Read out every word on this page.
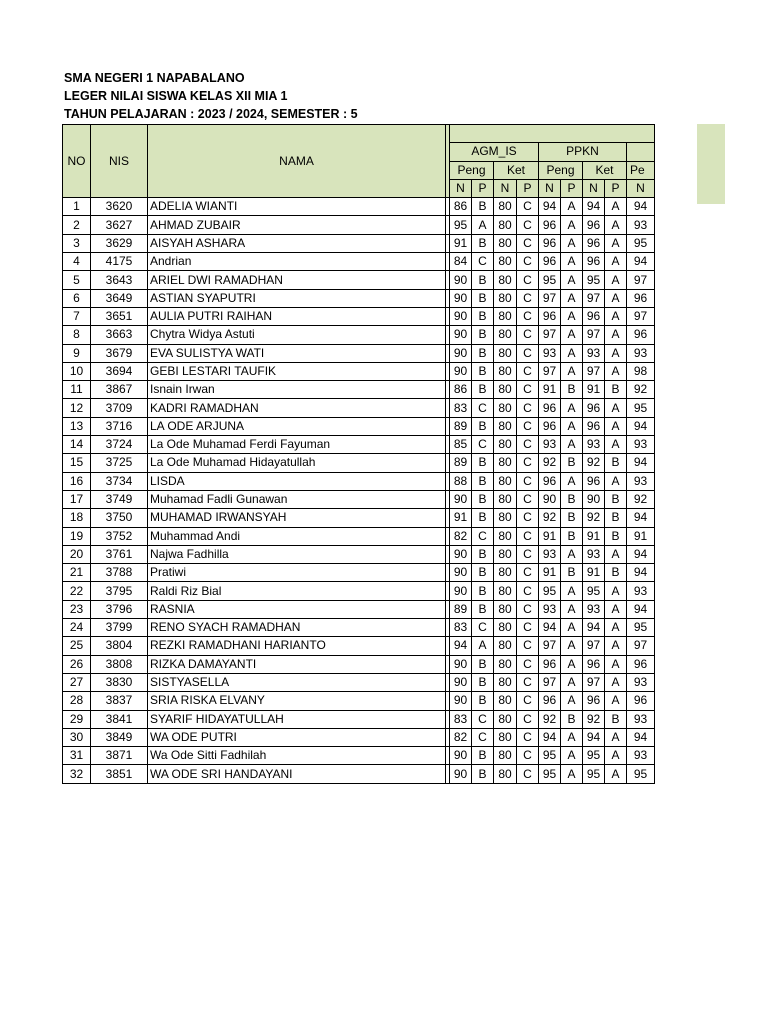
SMA NEGERI 1 NAPABALANO
LEGER NILAI SISWA KELAS XII MIA 1
TAHUN PELAJARAN : 2023 / 2024, SEMESTER : 5
NO	NIS	NAMA										
				AGM_IS				PPKN				
				Peng		Ket		Peng		Ket		Pe
				N	P	N	P	N	P	N	P	N
1	3620	ADELIA WIANTI		86	B	80	C	94	A	94	A	94
2	3627	AHMAD ZUBAIR		95	A	80	C	96	A	96	A	93
3	3629	AISYAH ASHARA		91	B	80	C	96	A	96	A	95
4	4175	Andrian		84	C	80	C	96	A	96	A	94
5	3643	ARIEL DWI RAMADHAN		90	B	80	C	95	A	95	A	97
6	3649	ASTIAN SYAPUTRI		90	B	80	C	97	A	97	A	96
7	3651	AULIA PUTRI RAIHAN		90	B	80	C	96	A	96	A	97
8	3663	Chytra Widya Astuti		90	B	80	C	97	A	97	A	96
9	3679	EVA SULISTYA WATI		90	B	80	C	93	A	93	A	93
10	3694	GEBI LESTARI TAUFIK		90	B	80	C	97	A	97	A	98
11	3867	Isnain Irwan		86	B	80	C	91	B	91	B	92
12	3709	KADRI RAMADHAN		83	C	80	C	96	A	96	A	95
13	3716	LA ODE ARJUNA		89	B	80	C	96	A	96	A	94
14	3724	La Ode Muhamad Ferdi Fayuman		85	C	80	C	93	A	93	A	93
15	3725	La Ode Muhamad Hidayatullah		89	B	80	C	92	B	92	B	94
16	3734	LISDA		88	B	80	C	96	A	96	A	93
17	3749	Muhamad Fadli Gunawan		90	B	80	C	90	B	90	B	92
18	3750	MUHAMAD IRWANSYAH		91	B	80	C	92	B	92	B	94
19	3752	Muhammad Andi		82	C	80	C	91	B	91	B	91
20	3761	Najwa Fadhilla		90	B	80	C	93	A	93	A	94
21	3788	Pratiwi		90	B	80	C	91	B	91	B	94
22	3795	Raldi Riz Bial		90	B	80	C	95	A	95	A	93
23	3796	RASNIA		89	B	80	C	93	A	93	A	94
24	3799	RENO SYACH RAMADHAN		83	C	80	C	94	A	94	A	95
25	3804	REZKI RAMADHANI HARIANTO		94	A	80	C	97	A	97	A	97
26	3808	RIZKA DAMAYANTI		90	B	80	C	96	A	96	A	96
27	3830	SISTYASELLA		90	B	80	C	97	A	97	A	93
28	3837	SRIA RISKA ELVANY		90	B	80	C	96	A	96	A	96
29	3841	SYARIF HIDAYATULLAH		83	C	80	C	92	B	92	B	93
30	3849	WA ODE PUTRI		82	C	80	C	94	A	94	A	94
31	3871	Wa Ode Sitti Fadhilah		90	B	80	C	95	A	95	A	93
32	3851	WA ODE SRI HANDAYANI		90	B	80	C	95	A	95	A	95
